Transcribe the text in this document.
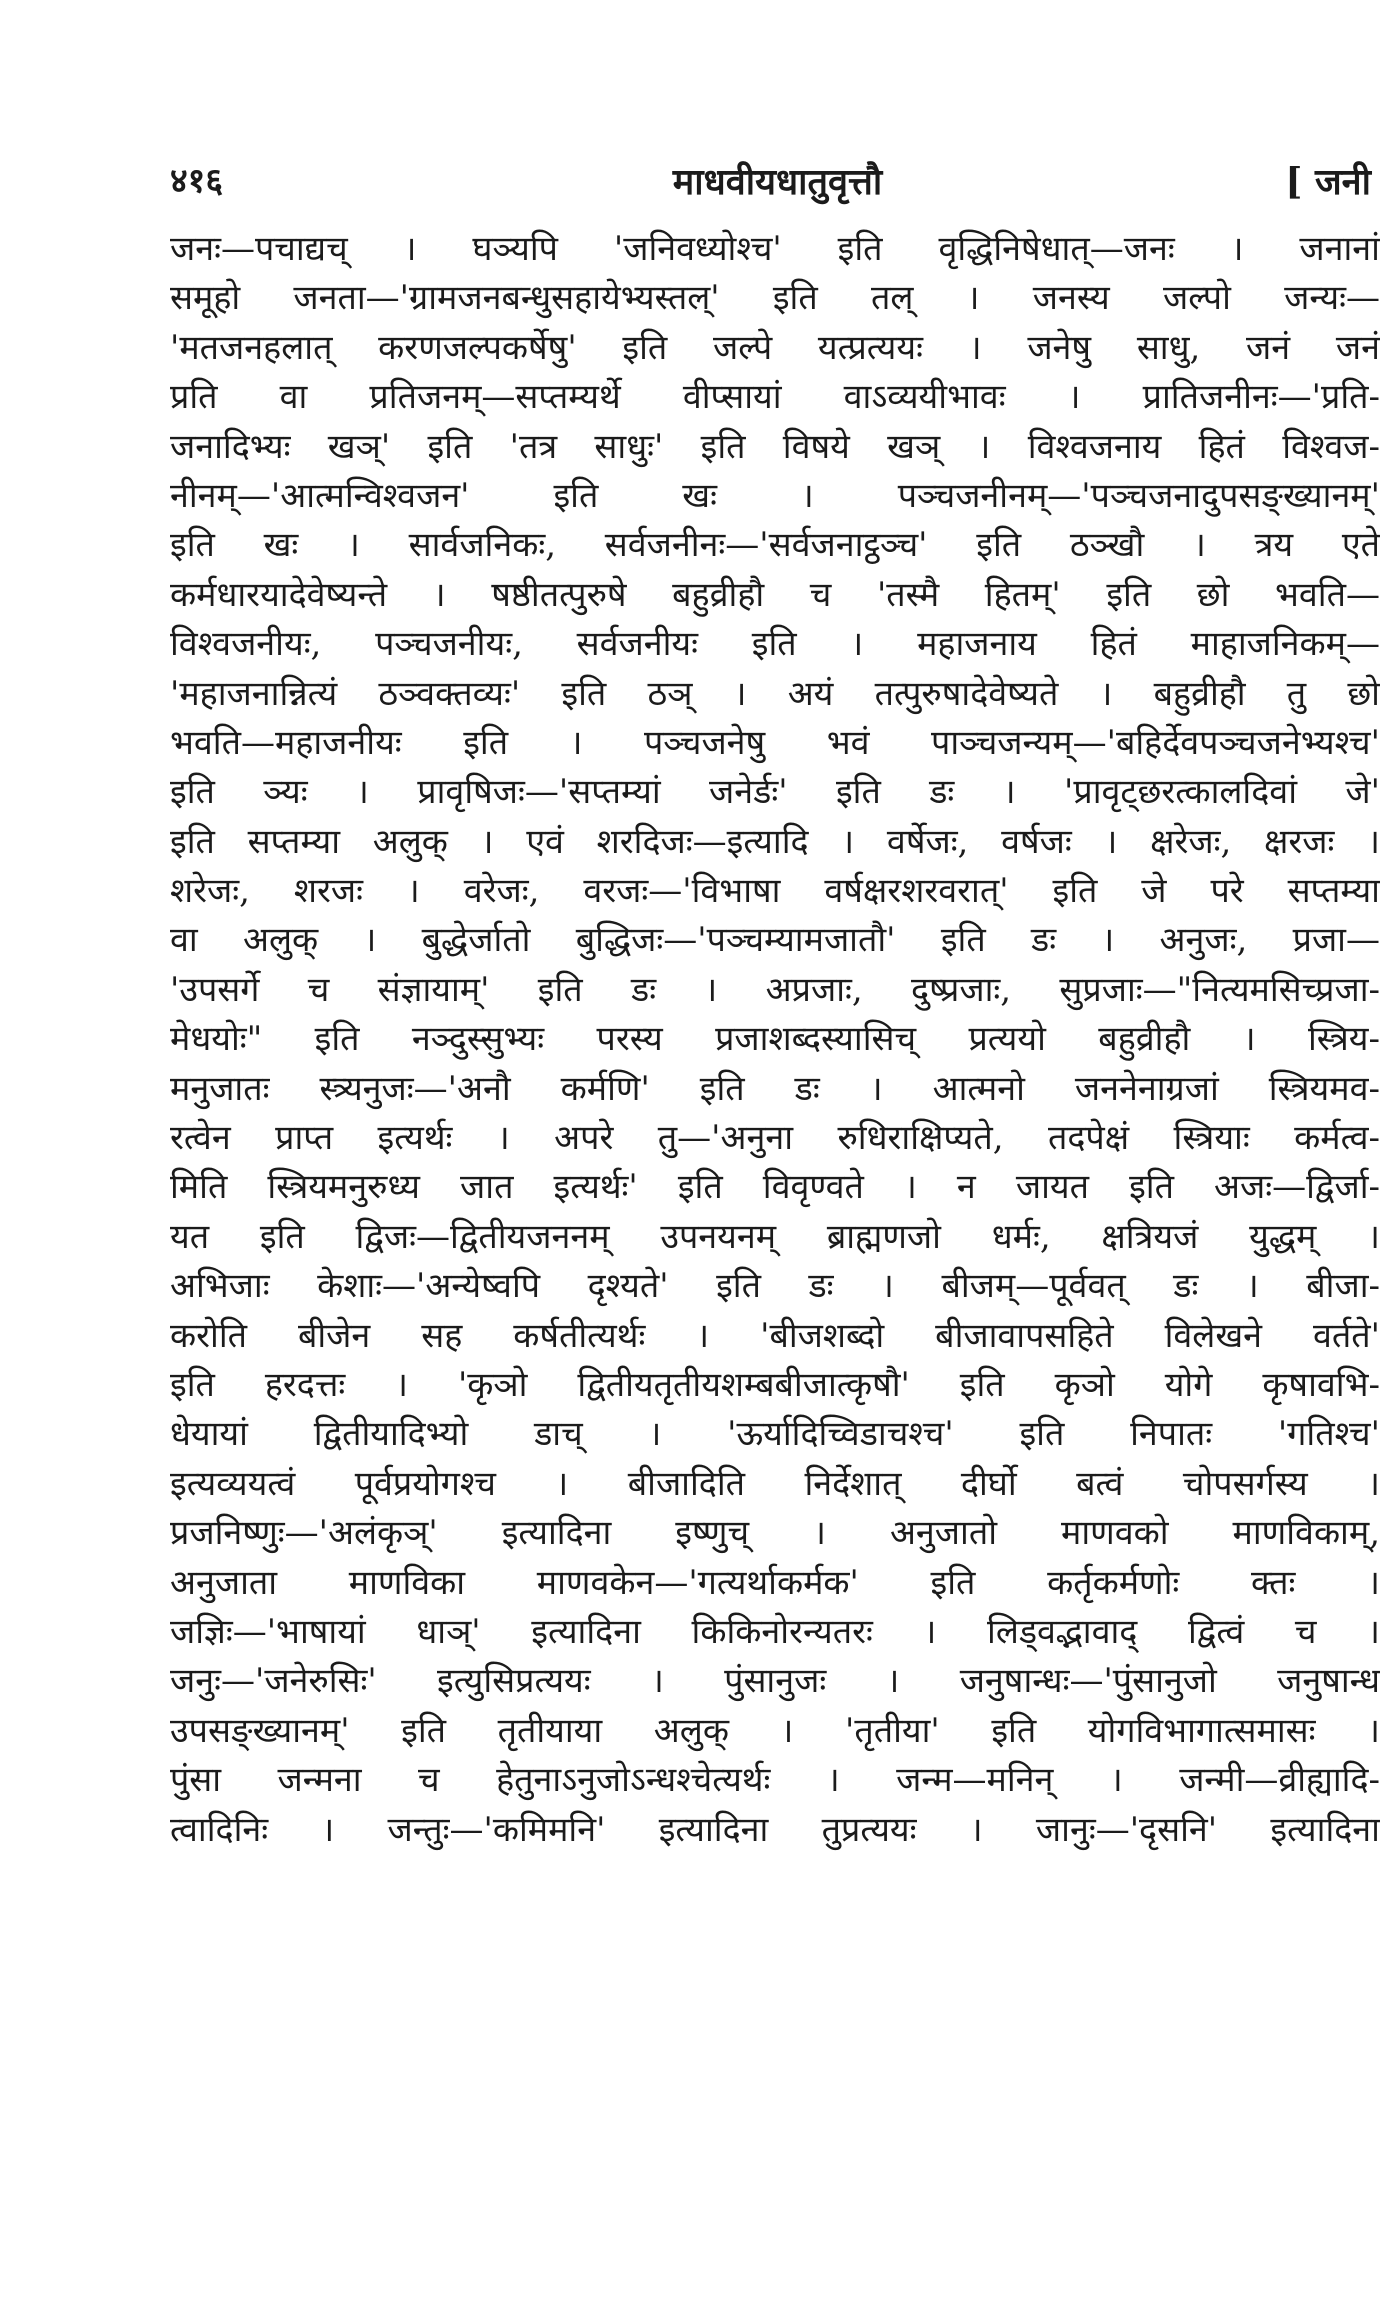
४१६	माधवीयधातुवृत्तौ	[ जनी
जनः—पचाद्यच् । घञ्यपि 'जनिवध्योश्च' इति वृद्धिनिषेधात्—जनः । जनानां
समूहो जनता—'ग्रामजनबन्धुसहायेभ्यस्तल्' इति तल् । जनस्य जल्पो जन्यः—
'मतजनहलात् करणजल्पकर्षेषु' इति जल्पे यत्प्रत्ययः । जनेषु साधु, जनं जनं
प्रति वा प्रतिजनम्—सप्तम्यर्थे वीप्सायां वाऽव्ययीभावः । प्रातिजनीनः—'प्रति-
जनादिभ्यः खञ्' इति 'तत्र साधुः' इति विषये खञ् । विश्वजनाय हितं विश्वज-
नीनम्—'आत्मन्विश्वजन' इति खः । पञ्चजनीनम्—'पञ्चजनादुपसङ्ख्यानम्'
इति खः । सार्वजनिकः, सर्वजनीनः—'सर्वजनाट्ठञ्च' इति ठञ्खौ । त्रय एते
कर्मधारयादेवेष्यन्ते । षष्ठीतत्पुरुषे बहुव्रीहौ च 'तस्मै हितम्' इति छो भवति—
विश्वजनीयः, पञ्चजनीयः, सर्वजनीयः इति । महाजनाय हितं माहाजनिकम्—
'महाजनान्नित्यं ठञ्वक्तव्यः' इति ठञ् । अयं तत्पुरुषादेवेष्यते । बहुव्रीहौ तु छो
भवति—महाजनीयः इति । पञ्चजनेषु भवं पाञ्चजन्यम्—'बहिर्देवपञ्चजनेभ्यश्च'
इति ञ्यः । प्रावृषिजः—'सप्तम्यां जनेर्डः' इति डः । 'प्रावृट्छरत्कालदिवां जे'
इति सप्तम्या अलुक् । एवं शरदिजः—इत्यादि । वर्षेजः, वर्षजः । क्षरेजः, क्षरजः ।
शरेजः, शरजः । वरेजः, वरजः—'विभाषा वर्षक्षरशरवरात्' इति जे परे सप्तम्या
वा अलुक् । बुद्धेर्जातो बुद्धिजः—'पञ्चम्यामजातौ' इति डः । अनुजः, प्रजा—
'उपसर्गे च संज्ञायाम्' इति डः । अप्रजाः, दुष्प्रजाः, सुप्रजाः—"नित्यमसिच्प्रजा-
मेधयोः" इति नञ्दुस्सुभ्यः परस्य प्रजाशब्दस्यासिच् प्रत्ययो बहुव्रीहौ । स्त्रिय-
मनुजातः स्त्र्यनुजः—'अनौ कर्मणि' इति डः । आत्मनो जननेनाग्रजां स्त्रियमव-
रत्वेन प्राप्त इत्यर्थः । अपरे तु—'अनुना रुधिराक्षिप्यते, तदपेक्षं स्त्रियाः कर्मत्व-
मिति स्त्रियमनुरुध्य जात इत्यर्थः' इति विवृण्वते । न जायत इति अजः—द्विर्जा-
यत इति द्विजः—द्वितीयजननम् उपनयनम् ब्राह्मणजो धर्मः, क्षत्रियजं युद्धम् ।
अभिजाः केशाः—'अन्येष्वपि दृश्यते' इति डः । बीजम्—पूर्ववत् डः । बीजा-
करोति बीजेन सह कर्षतीत्यर्थः । 'बीजशब्दो बीजावापसहिते विलेखने वर्तते'
इति हरदत्तः । 'कृञो द्वितीयतृतीयशम्बबीजात्कृषौ' इति कृञो योगे कृषावभि-
धेयायां द्वितीयादिभ्यो डाच् । 'ऊर्यादिच्विडाचश्च' इति निपातः 'गतिश्च'
इत्यव्ययत्वं पूर्वप्रयोगश्च । बीजादिति निर्देशात् दीर्घो बत्वं चोपसर्गस्य ।
प्रजनिष्णुः—'अलंकृञ्' इत्यादिना इष्णुच् । अनुजातो माणवको माणविकाम्,
अनुजाता माणविका माणवकेन—'गत्यर्थाकर्मक' इति कर्तृकर्मणोः क्तः ।
जज्ञिः—'भाषायां धाञ्' इत्यादिना किकिनोरन्यतरः । लिड्वद्भावाद् द्वित्वं च ।
जनुः—'जनेरुसिः' इत्युसिप्रत्ययः । पुंसानुजः । जनुषान्धः—'पुंसानुजो जनुषान्ध
उपसङ्ख्यानम्' इति तृतीयाया अलुक् । 'तृतीया' इति योगविभागात्समासः ।
पुंसा जन्मना च हेतुनाऽनुजोऽन्धश्चेत्यर्थः । जन्म—मनिन् । जन्मी—व्रीह्यादि-
त्वादिनिः । जन्तुः—'कमिमनि' इत्यादिना तुप्रत्ययः । जानुः—'दृसनि' इत्यादिना
